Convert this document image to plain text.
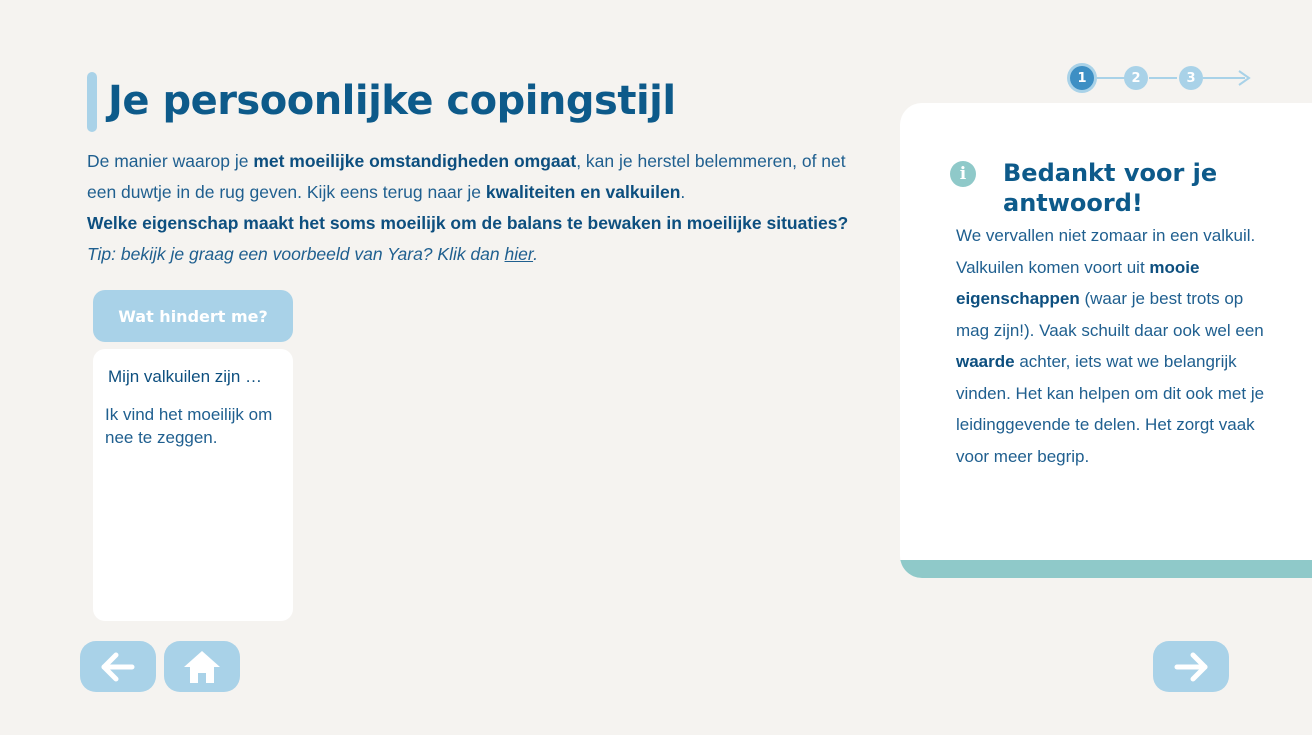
Je persoonlijke copingstijl
De manier waarop je met moeilijke omstandigheden omgaat, kan je herstel belemmeren, of net een duwtje in de rug geven. Kijk eens terug naar je kwaliteiten en valkuilen.
Welke eigenschap maakt het soms moeilijk om de balans te bewaken in moeilijke situaties?
Tip: bekijk je graag een voorbeeld van Yara? Klik dan hier.
Wat hindert me?
Mijn valkuilen zijn …
Ik vind het moeilijk om nee te zeggen.
1	2	3
i	Bedankt voor je antwoord!
We vervallen niet zomaar in een valkuil. Valkuilen komen voort uit mooie eigenschappen (waar je best trots op mag zijn!). Vaak schuilt daar ook wel een waarde achter, iets wat we belangrijk vinden. Het kan helpen om dit ook met je leidinggevende te delen. Het zorgt vaak voor meer begrip.
